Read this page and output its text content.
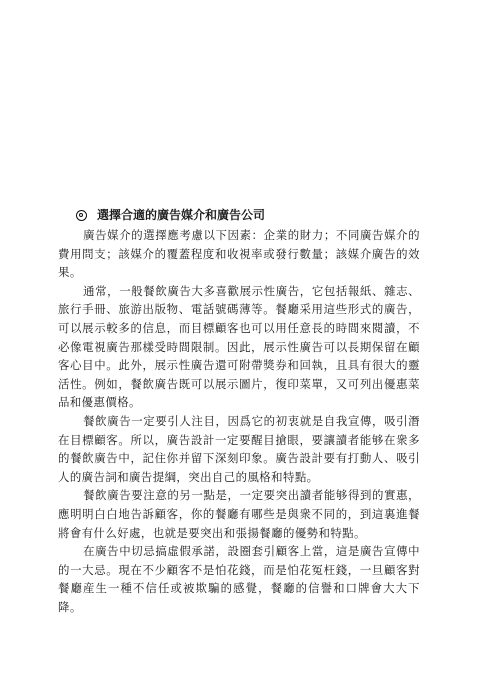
選擇合適的廣告媒介和廣告公司

廣告媒介的選擇應考慮以下因素：企業的財力；不同廣告媒介的費用問支；該媒介的覆蓋程度和收視率或發行數量；該媒介廣告的效果。

通常，一般餐飲廣告大多喜歡展示性廣告，它包括報紙、雜志、旅行手冊、旅游出版物、電話號碼薄等。餐廳采用這些形式的廣告，可以展示較多的信息，而目標顧客也可以用任意長的時間來閱讀，不必像電視廣告那樣受時間限制。因此，展示性廣告可以長期保留在顧客心目中。此外，展示性廣告還可附帶獎券和回執，且具有很大的靈活性。例如，餐飲廣告既可以展示圖片，復印菜單，又可列出優惠菜品和優惠價格。

餐飲廣告一定要引人注目，因爲它的初衷就是自我宣傳，吸引潛在目標顧客。所以，廣告設計一定要醒目搶眼，要讓讀者能够在衆多的餐飲廣告中，記住你并留下深刻印象。廣告設計要有打動人、吸引人的廣告詞和廣告提綱，突出自己的風格和特點。

餐飲廣告要注意的另一點是，一定要突出讀者能够得到的實惠，應明明白白地告訴顧客，你的餐廳有哪些是與衆不同的，到這裏進餐將會有什么好處，也就是要突出和張揚餐廳的優勢和特點。

在廣告中切忌搞虛假承諾，設圈套引顧客上當，這是廣告宣傳中的一大忌。現在不少顧客不是怕花錢，而是怕花冤枉錢，一旦顧客對餐廳産生一種不信任或被欺騙的感覺，餐廳的信譽和口牌會大大下降。
